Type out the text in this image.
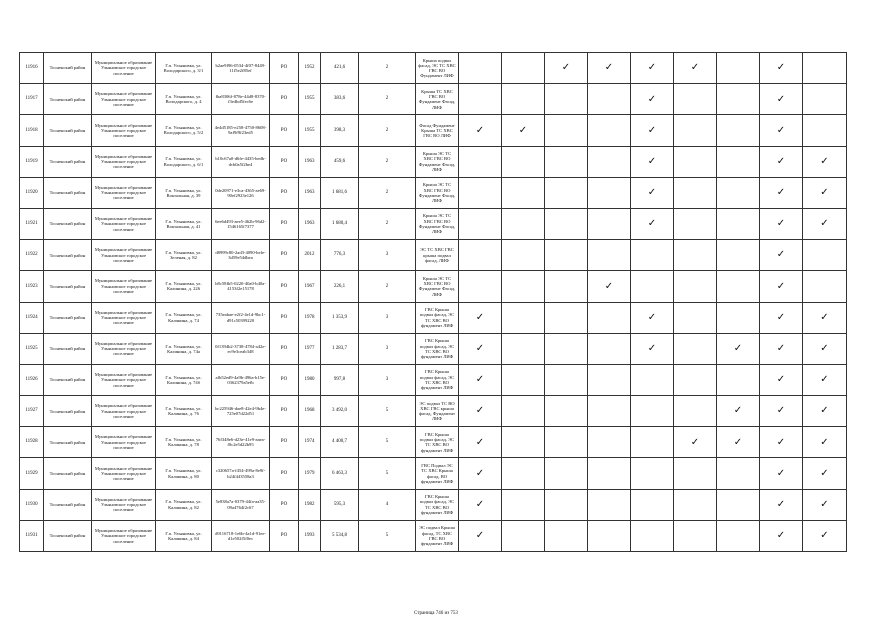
11916	Тосненский район	Муниципальное образование Ульяновское городское поселение	Г.п. Ульяновка, ул. Володарского, д. 3/1	b2ae9f96-0534-4f07-8449-11f5e2f85ef	РО	1952	421,6	2	Крыша подвал фасад, ЭС ТС ХВС ГВС ВО Фундамент ЛИФ			✓	✓	✓	✓		✓	
11917	Тосненский район	Муниципальное образование Ульяновское городское поселение	Г.п. Ульяновка, ул. Володарского, д. 4	fba8306f-878e-44d8-8370-f3e4bd5fec6e	РО	1955	383,6	2	Крыша ТС ХВС ГВС ВО Фундамент Фасад, ЛИФ					✓			✓	
11918	Тосненский район	Муниципальное образование Ульяновское городское поселение	Г.п. Ульяновка, ул. Володарского, д. 5/2	4e4d5185-e258-4750-8608-9af9f9f23ed5	РО	1955	398,3	2	Фасад Фундамент Крыша ТС ХВС ГВС ВО ЛИФ	✓	✓			✓			✓	
11919	Тосненский район	Муниципальное образование Ульяновское городское поселение	Г.п. Ульяновка, ул. Володарского, д. 6/1	b10c67a0-d6fe-4435-bedb-dcb0a5f2be4	РО	1963	459,6	2	Крыша ЭС ТС ХВС ГВС ВО Фундамент Фасад, ЛИФ					✓			✓	✓
11920	Тосненский район	Муниципальное образование Ульяновское городское поселение	Г.п. Ульяновка, ул. Вокзальная, д. 39	0de20971-e3ca-4365-ae69-90ef2923e126	РО	1963	1 681,6	2	Крыша ЭС ТС ХВС ГВС ВО Фундамент Фасад, ЛИФ					✓			✓	✓
11921	Тосненский район	Муниципальное образование Ульяновское городское поселение	Г.п. Ульяновка, ул. Вокзальная, д. 41	6ee6d493-aee5-462b-96d2-1546165f7377	РО	1963	1 680,4	2	Крыша ЭС ТС ХВС ГВС ВО Фундамент Фасад, ЛИФ					✓			✓	✓
11922	Тосненский район	Муниципальное образование Ульяновское городское поселение	Г.п. Ульяновка, ул. Зеленая, д. 82	d8999c80-2ad3-4090-befe-3d59e54dbea	РО	2012	776,3	3	ЭС ТС ХВС ГВС крыша подвал фасад, ЛИФ								✓	
11923	Тосненский район	Муниципальное образование Ульяновское городское поселение	Г.п. Ульяновка, ул. Калинина, д. 226	b8c58fb5-0220-40a0-b40a-4153f2e15178	РО	1967	226,1	2	Крыша ЭС ТС ХВС ГВС ВО Фундамент Фасад, ЛИФ				✓				✓	
11924	Тосненский район	Муниципальное образование Ульяновское городское поселение	Г.п. Ульяновка, ул. Калинина, д. 74	735eabae-e2f2-4e1d-9bc1-d91c50399220	РО	1978	1 353,9	3	ГВС Крыша подвал фасад, ЭС ТС ХВС ВО фундамент ЛИФ	✓				✓			✓	✓
11925	Тосненский район	Муниципальное образование Ульяновское городское поселение	Г.п. Ульяновка, ул. Калинина, д. 74а	0f1394b2-3738-4784-a42e-ec9e3ceab348	РО	1977	1 283,7	3	ГВС Крыша подвал фасад, ЭС ТС ХВС ВО фундамент ЛИФ	✓				✓		✓	✓	✓
11926	Тосненский район	Муниципальное образование Ульяновское городское поселение	Г.п. Ульяновка, ул. Калинина, д. 74б	afb52ed9-4a9b-496a-b15e-0362379a5efb	РО	1980	997,8	3	ГВС Крыша подвал фасад, ЭС ТС ХВС ВО фундамент ЛИФ	✓							✓	✓
11927	Тосненский район	Муниципальное образование Ульяновское городское поселение	Г.п. Ульяновка, ул. Калинина, д. 76	bc225946-dae8-42e4-9b4e-725e07d22d51	РО	1968	3 492,0	5	ЭС подвал ТС ВО ХВС ГВС крыша фасад, Фундамент ЛИФ	✓						✓	✓	✓
11928	Тосненский район	Муниципальное образование Ульяновское городское поселение	Г.п. Ульяновка, ул. Калинина, д. 78	76f348e6-d23e-41e9-aaea-f0c2e5d22b95	РО	1974	4 400,7	5	ГВС Крыша подвал фасад, ЭС ТС ХВС ВО фундамент ЛИФ	✓					✓	✓	✓	✓
11929	Тосненский район	Муниципальное образование Ульяновское городское поселение	Г.п. Ульяновка, ул. Калинина, д. 80	c320657a-f454-499a-8e9f-b24f443558a3	РО	1979	6 463,3	5	ГВС Подвал ЭС ТС ХВС Крыша фасад, ВО фундамент ЛИФ	✓							✓	✓
11930	Тосненский район	Муниципальное образование Ульяновское городское поселение	Г.п. Ульяновка, ул. Калинина, д. 82	5e838a7a-0379-44fa-aa35-09a4764f2c67	РО	1982	595,3	4	ГВС Крыша подвал фасад, ЭС ТС ХВС ВО фундамент ЛИФ	✓							✓	✓
11931	Тосненский район	Муниципальное образование Ульяновское городское поселение	Г.п. Ульяновка, ул. Калинина, д. 84	d9116718-1e6b-4a1d-91ee-d1e502f5f0ec	РО	1993	5 534,8	5	ЭС подвал Крыша фасад, ТС ХВС ГВС ВО фундамент ЛИФ	✓							✓	✓
Страница 746 из 753
